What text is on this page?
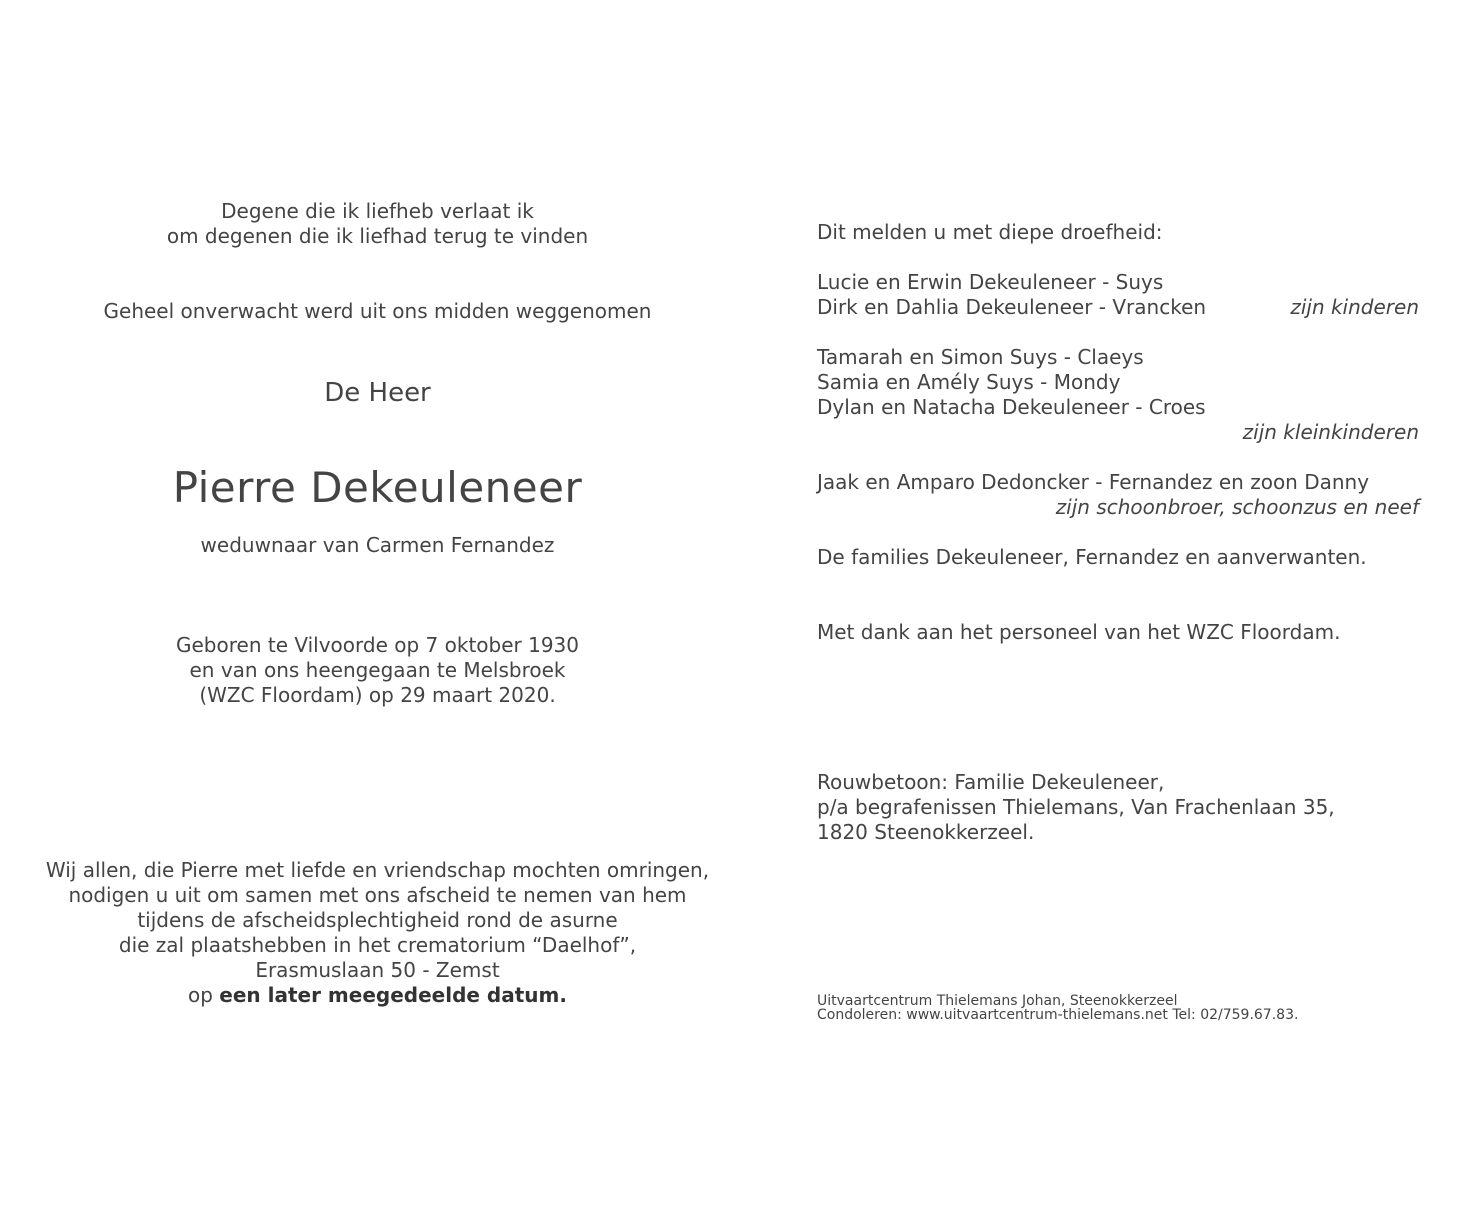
Degene die ik liefheb verlaat ik
om degenen die ik liefhad terug te vinden
Geheel onverwacht werd uit ons midden weggenomen
De Heer
Pierre Dekeuleneer
weduwnaar van Carmen Fernandez
Geboren te Vilvoorde op 7 oktober 1930
en van ons heengegaan te Melsbroek
(WZC Floordam) op 29 maart 2020.
Wij allen, die Pierre met liefde en vriendschap mochten omringen,
nodigen u uit om samen met ons afscheid te nemen van hem
tijdens de afscheidsplechtigheid rond de asurne
die zal plaatshebben in het crematorium “Daelhof”,
Erasmuslaan 50 - Zemst
op een later meegedeelde datum.
Dit melden u met diepe droefheid:
Lucie en Erwin Dekeuleneer - Suys
Dirk en Dahlia Dekeuleneer - Vrancken	zijn kinderen
Tamarah en Simon Suys - Claeys
Samia en Amély Suys - Mondy
Dylan en Natacha Dekeuleneer - Croes
zijn kleinkinderen
Jaak en Amparo Dedoncker - Fernandez en zoon Danny
zijn schoonbroer, schoonzus en neef
De families Dekeuleneer, Fernandez en aanverwanten.
Met dank aan het personeel van het WZC Floordam.
Rouwbetoon: Familie Dekeuleneer,
p/a begrafenissen Thielemans, Van Frachenlaan 35,
1820 Steenokkerzeel.
Uitvaartcentrum Thielemans Johan, Steenokkerzeel
Condoleren: www.uitvaartcentrum-thielemans.net Tel: 02/759.67.83.
